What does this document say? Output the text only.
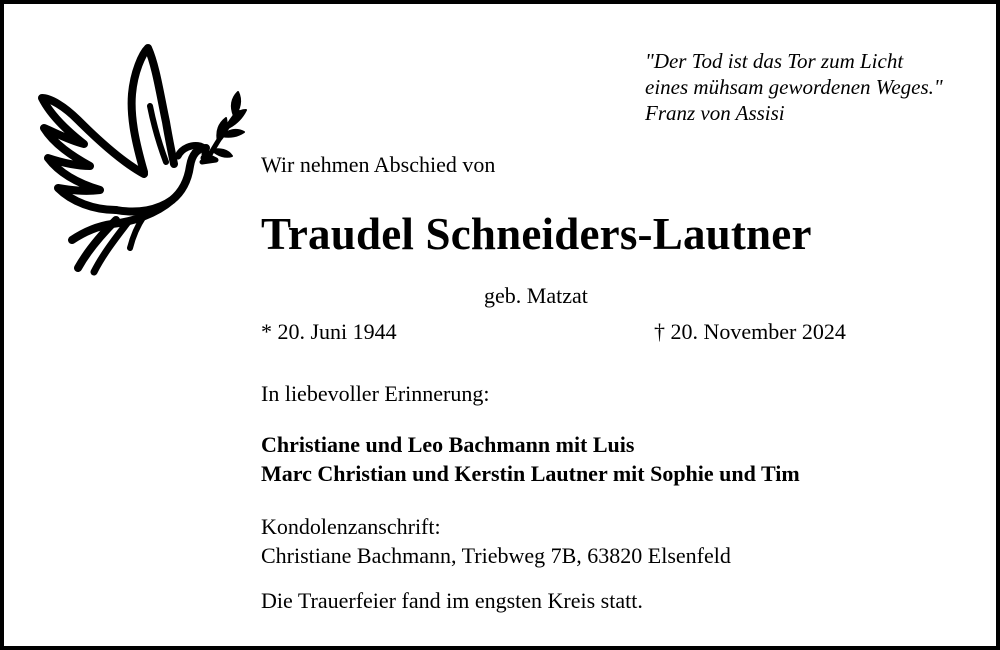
"Der Tod ist das Tor zum Licht
eines mühsam gewordenen Weges."
Franz von Assisi
Wir nehmen Abschied von
Traudel Schneiders-Lautner
geb. Matzat
* 20. Juni 1944	† 20. November 2024
In liebevoller Erinnerung:
Christiane und Leo Bachmann mit Luis
Marc Christian und Kerstin Lautner mit Sophie und Tim
Kondolenzanschrift:
Christiane Bachmann, Triebweg 7B, 63820 Elsenfeld
Die Trauerfeier fand im engsten Kreis statt.
